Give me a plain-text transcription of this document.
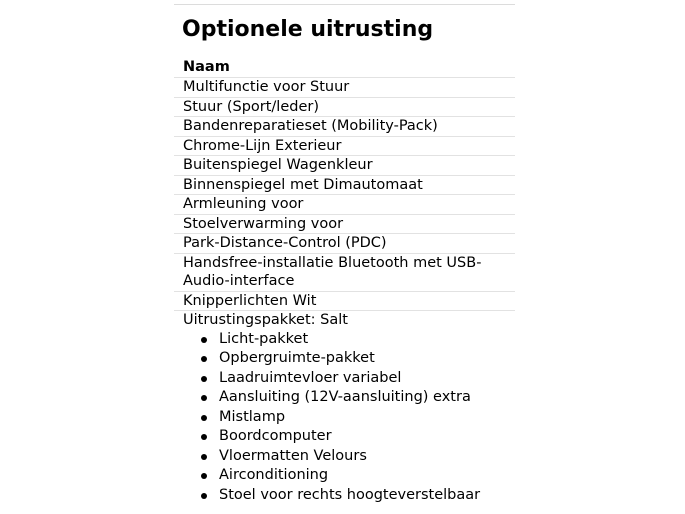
Optionele uitrusting
Naam
Multifunctie voor Stuur
Stuur (Sport/leder)
Bandenreparatieset (Mobility-Pack)
Chrome-Lijn Exterieur
Buitenspiegel Wagenkleur
Binnenspiegel met Dimautomaat
Armleuning voor
Stoelverwarming voor
Park-Distance-Control (PDC)
Handsfree-installatie Bluetooth met USB-Audio-interface
Knipperlichten Wit

Uitrustingspakket: Salt
Licht-pakket
Opbergruimte-pakket
Laadruimtevloer variabel
Aansluiting (12V-aansluiting) extra
Mistlamp
Boordcomputer
Vloermatten Velours
Airconditioning
Stoel voor rechts hoogteverstelbaar
